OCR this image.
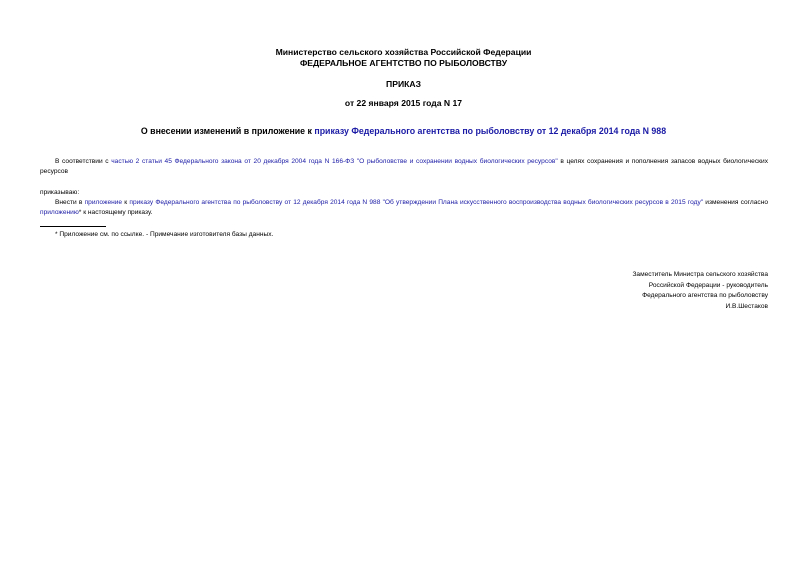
Министерство сельского хозяйства Российской Федерации
ФЕДЕРАЛЬНОЕ АГЕНТСТВО ПО РЫБОЛОВСТВУ
ПРИКАЗ
от 22 января 2015 года N 17
О внесении изменений в приложение к приказу Федерального агентства по рыболовству от 12 декабря 2014 года N 988
В соответствии с частью 2 статьи 45 Федерального закона от 20 декабря 2004 года N 166-ФЗ "О рыболовстве и сохранении водных биологических ресурсов" в целях сохранения и пополнения запасов водных биологических ресурсов
приказываю:
Внести в приложение к приказу Федерального агентства по рыболовству от 12 декабря 2014 года N 988 "Об утверждении Плана искусственного воспроизводства водных биологических ресурсов в 2015 году" изменения согласно приложению* к настоящему приказу.
* Приложение см. по ссылке. - Примечание изготовителя базы данных.
Заместитель Министра сельского хозяйства
Российской Федерации - руководитель
Федерального агентства по рыболовству
И.В.Шестаков
